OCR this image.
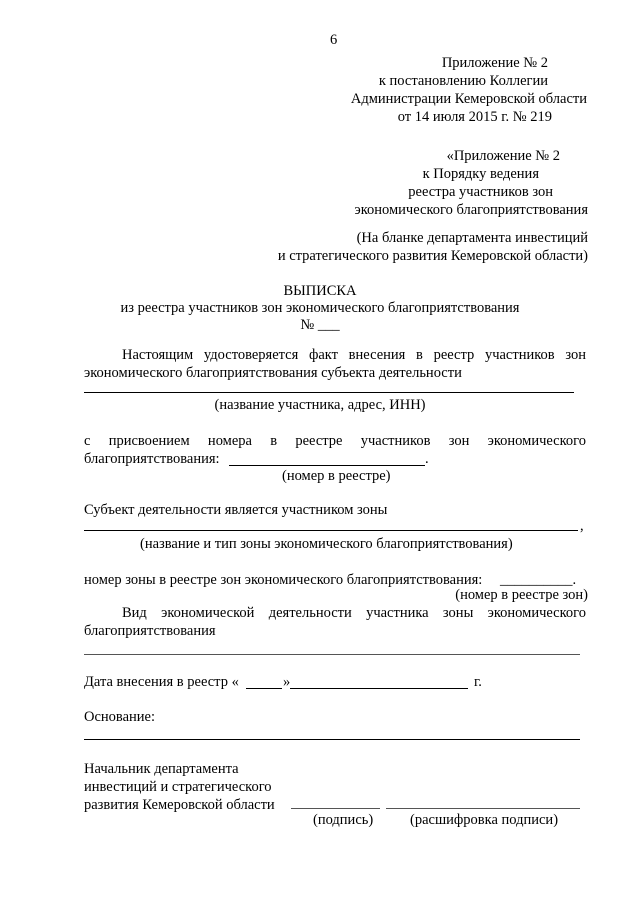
6
Приложение № 2
к постановлению Коллегии
Администрации Кемеровской области
от 14 июля 2015 г. № 219
«Приложение № 2
к Порядку ведения
реестра участников зон
экономического благоприятствования
(На бланке департамента инвестиций
и стратегического развития Кемеровской области)
ВЫПИСКА
из реестра участников зон экономического благоприятствования
№ ___
Настоящим удостоверяется факт внесения в реестр участников зон
экономического благоприятствования субъекта деятельности
(название участника, адрес, ИНН)
с присвоением номера в реестре участников зон экономического
благоприятствования:	.
(номер в реестре)
Субъект деятельности является участником зоны
,
(название и тип зоны экономического благоприятствования)
номер зоны в реестре зон экономического благоприятствования: __________.
(номер в реестре зон)
Вид экономической деятельности участника зоны экономического
благоприятствования
Дата внесения в реестр «	»	г.
Основание:
Начальник департамента
инвестиций и стратегического
развития Кемеровской области
(подпись)	(расшифровка подписи)
